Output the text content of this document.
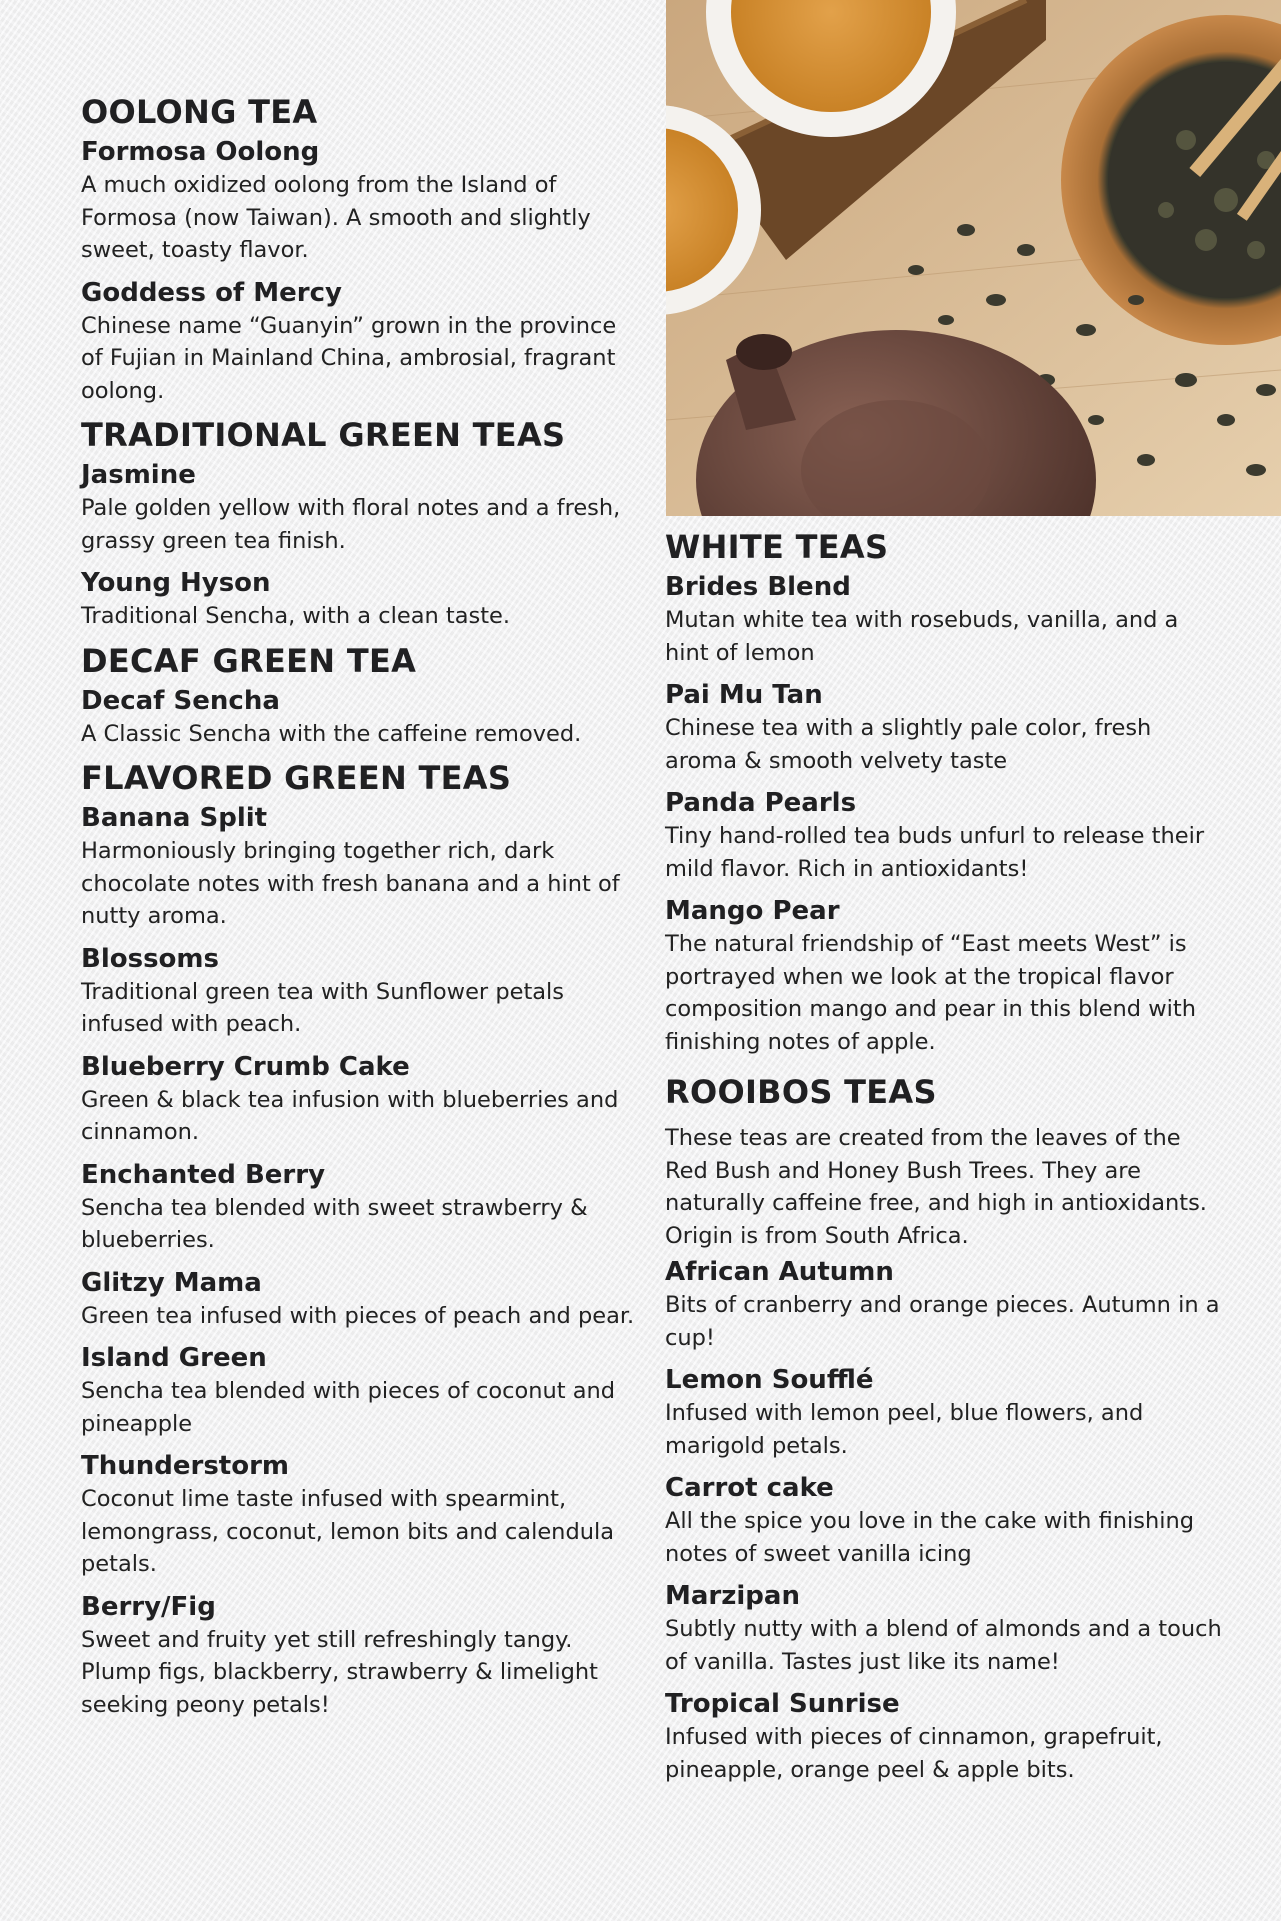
OOLONG TEA
Formosa Oolong
A much oxidized oolong from the Island of Formosa (now Taiwan). A smooth and slightly sweet, toasty flavor.
Goddess of Mercy
Chinese name “Guanyin” grown in the province of Fujian in Mainland China, ambrosial, fragrant oolong.
TRADITIONAL GREEN TEAS
Jasmine
Pale golden yellow with floral notes and a fresh, grassy green tea finish.
Young Hyson
Traditional Sencha, with a clean taste.
DECAF GREEN TEA
Decaf Sencha
A Classic Sencha with the caffeine removed.
FLAVORED GREEN TEAS
Banana Split
Harmoniously bringing together rich, dark chocolate notes with fresh banana and a hint of nutty aroma.
Blossoms
Traditional green tea with Sunflower petals infused with peach.
Blueberry Crumb Cake
Green & black tea infusion with blueberries and cinnamon.
Enchanted Berry
Sencha tea blended with sweet strawberry & blueberries.
Glitzy Mama
Green tea infused with pieces of peach and pear.
Island Green
Sencha tea blended with pieces of coconut and pineapple
Thunderstorm
Coconut lime taste infused with spearmint, lemongrass, coconut, lemon bits and calendula petals.
Berry/Fig
Sweet and fruity yet still refreshingly tangy. Plump figs, blackberry, strawberry & limelight seeking peony petals!
WHITE TEAS
Brides Blend
Mutan white tea with rosebuds, vanilla, and a hint of lemon
Pai Mu Tan
Chinese tea with a slightly pale color, fresh aroma & smooth velvety taste
Panda Pearls
Tiny hand-rolled tea buds unfurl to release their mild flavor. Rich in antioxidants!
Mango Pear
The natural friendship of “East meets West” is portrayed when we look at the tropical flavor composition mango and pear in this blend with finishing notes of apple.
ROOIBOS TEAS
These teas are created from the leaves of the Red Bush and Honey Bush Trees. They are naturally caffeine free, and high in antioxidants. Origin is from South Africa.
African Autumn
Bits of cranberry and orange pieces. Autumn in a cup!
Lemon Soufflé
Infused with lemon peel, blue flowers, and marigold petals.
Carrot cake
All the spice you love in the cake with finishing notes of sweet vanilla icing
Marzipan
Subtly nutty with a blend of almonds and a touch of vanilla. Tastes just like its name!
Tropical Sunrise
Infused with pieces of cinnamon, grapefruit, pineapple, orange peel & apple bits.
